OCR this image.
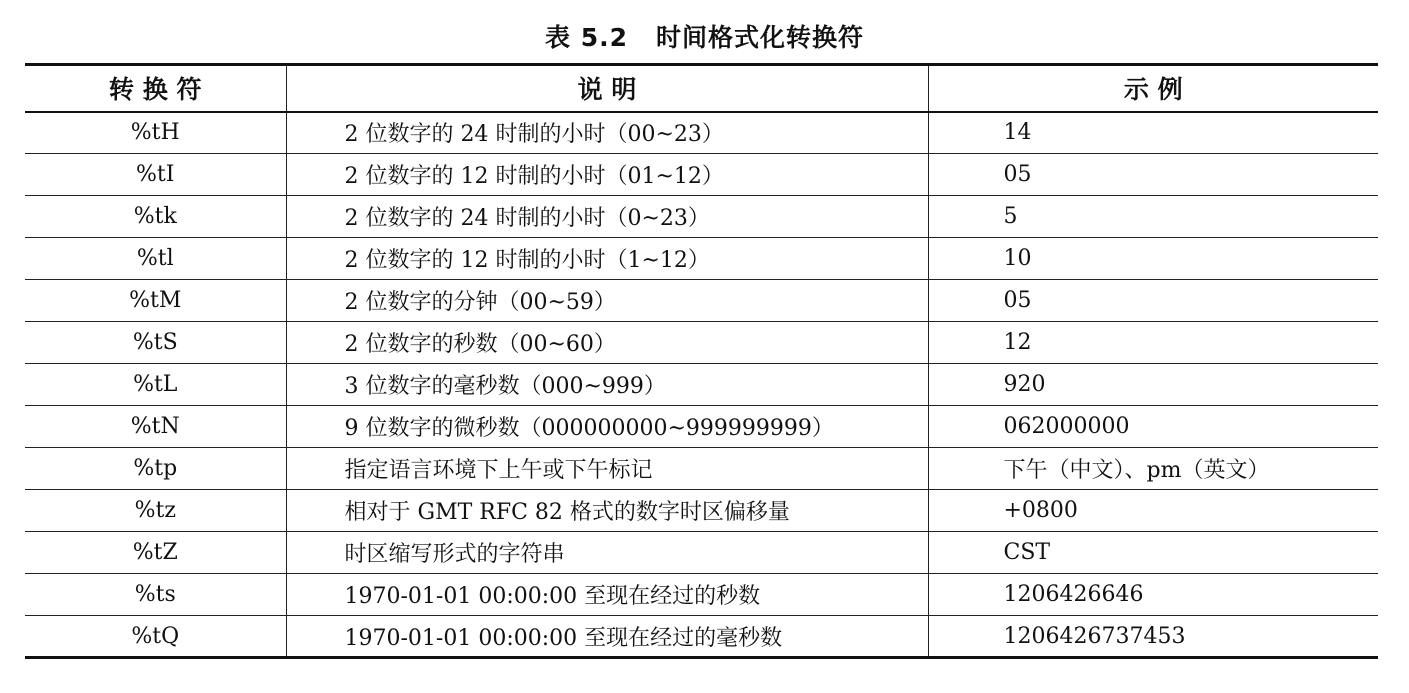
表 5.2 时间格式化转换符
转 换 符	说 明	示 例
%tH	2 位数字的 24 时制的小时（00~23）	14
%tI	2 位数字的 12 时制的小时（01~12）	05
%tk	2 位数字的 24 时制的小时（0~23）	5
%tl	2 位数字的 12 时制的小时（1~12）	10
%tM	2 位数字的分钟（00~59）	05
%tS	2 位数字的秒数（00~60）	12
%tL	3 位数字的毫秒数（000~999）	920
%tN	9 位数字的微秒数（000000000~999999999）	062000000
%tp	指定语言环境下上午或下午标记	下午（中文）、pm（英文）
%tz	相对于 GMT RFC 82 格式的数字时区偏移量	+0800
%tZ	时区缩写形式的字符串	CST
%ts	1970-01-01 00:00:00 至现在经过的秒数	1206426646
%tQ	1970-01-01 00:00:00 至现在经过的毫秒数	1206426737453
